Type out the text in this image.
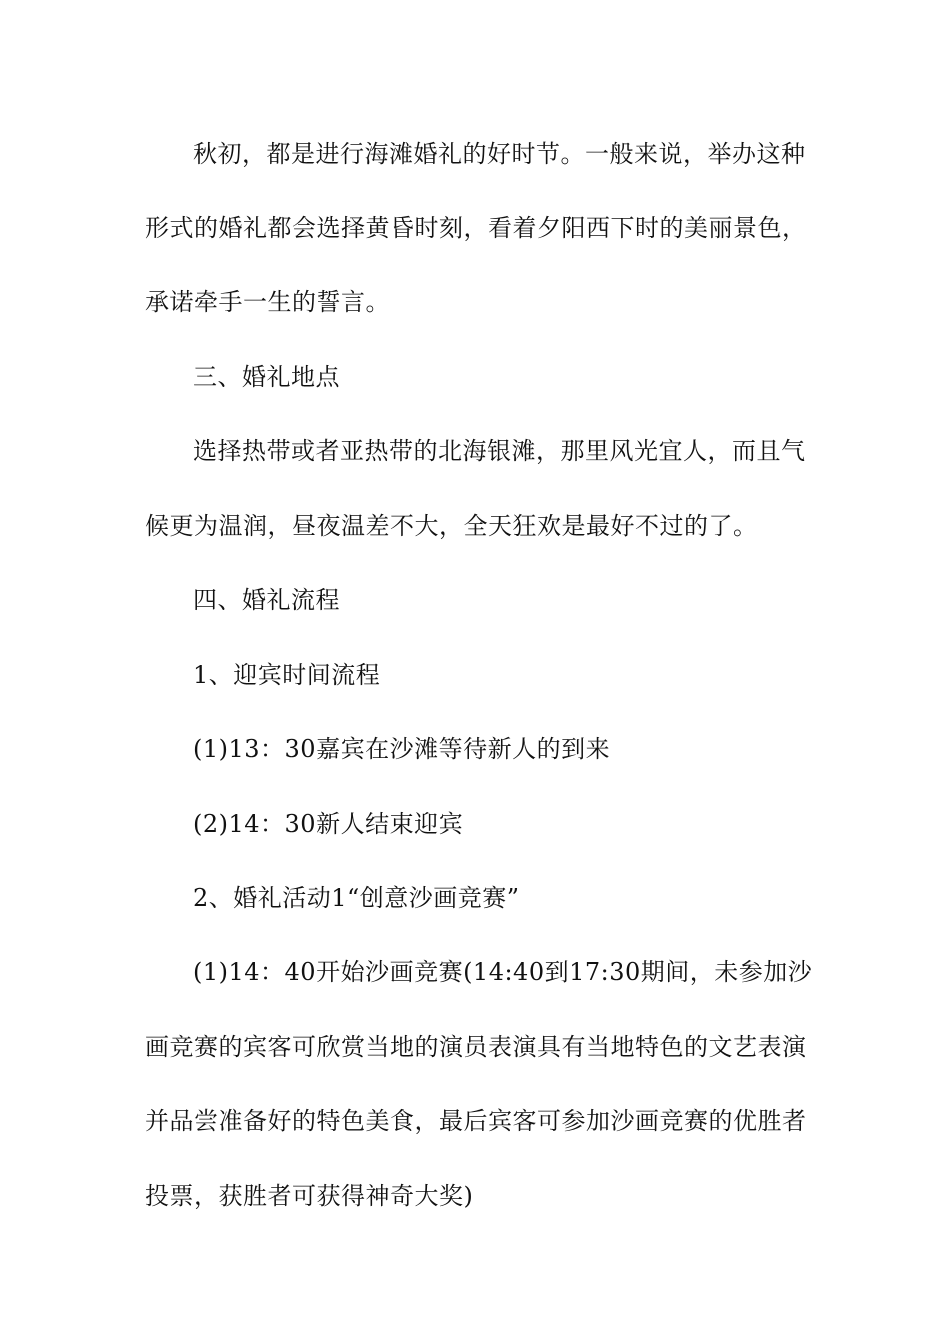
秋初，都是进行海滩婚礼的好时节。一般来说，举办这种
形式的婚礼都会选择黄昏时刻，看着夕阳西下时的美丽景色，
承诺牵手一生的誓言。
三、婚礼地点
选择热带或者亚热带的北海银滩，那里风光宜人，而且气
候更为温润，昼夜温差不大，全天狂欢是最好不过的了。
四、婚礼流程
1、迎宾时间流程
(1)13：30嘉宾在沙滩等待新人的到来
(2)14：30新人结束迎宾
2、婚礼活动1“创意沙画竞赛”
(1)14：40开始沙画竞赛(14:40到17:30期间，未参加沙
画竞赛的宾客可欣赏当地的演员表演具有当地特色的文艺表演
并品尝准备好的特色美食，最后宾客可参加沙画竞赛的优胜者
投票，获胜者可获得神奇大奖)
